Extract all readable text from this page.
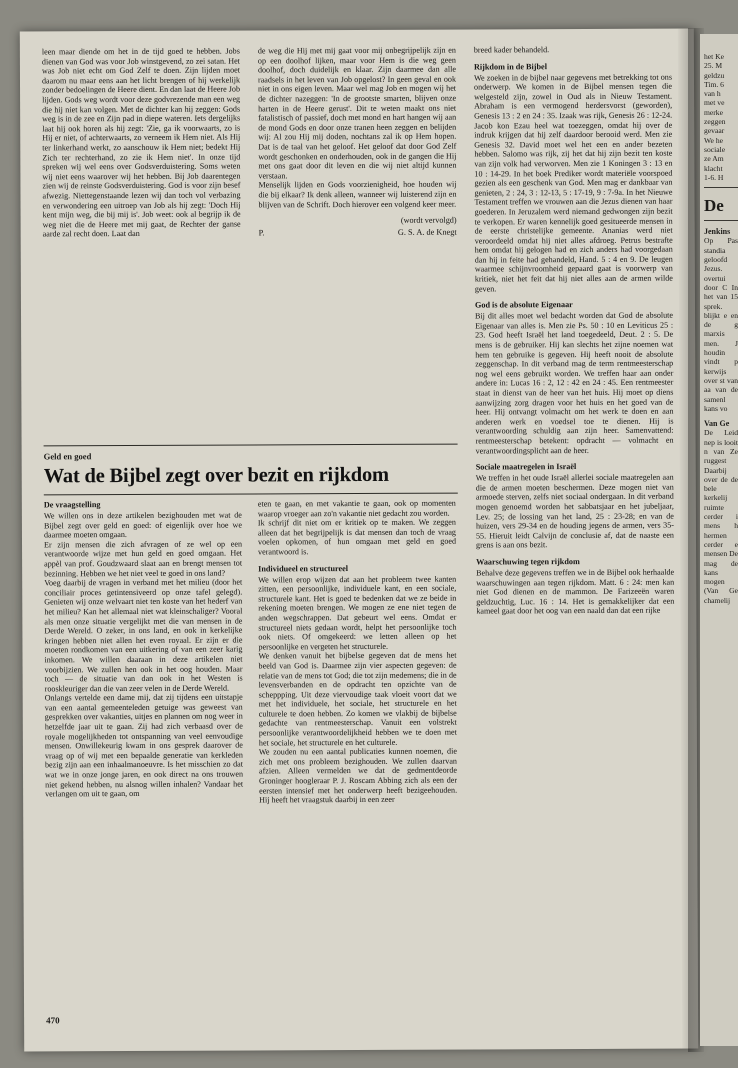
leen maar diende om het in de tijd goed te hebben. Jobs dienen van God was voor Job winstgevend, zo zei satan. Het was Job niet echt om God Zelf te doen. Zijn lijden moet daarom nu maar eens aan het licht brengen of hij werkelijk zonder bedoelingen de Heere dient. En dan laat de Heere Job lijden. Gods weg wordt voor deze godvrezende man een weg die hij niet kan volgen. Met de dichter kan hij zeggen: Gods weg is in de zee en Zijn pad in diepe wateren. Iets dergelijks laat hij ook horen als hij zegt: 'Zie, ga ik voorwaarts, zo is Hij er niet, of achterwaarts, zo verneem ik Hem niet. Als Hij ter linkerhand werkt, zo aanschouw ik Hem niet; bedekt Hij Zich ter rechterhand, zo zie ik Hem niet'. In onze tijd spreken wij wel eens over Godsverduistering. Soms weten wij niet eens waarover wij het hebben. Bij Job daarentegen zien wij de reinste Godsverduistering. God is voor zijn besef afwezig. Niettegenstaande lezen wij dan toch vol verbazing en verwondering een uitroep van Job als hij zegt: 'Doch Hij kent mijn weg, die bij mij is'. Job weet: ook al begrijp ik de weg niet die de Heere met mij gaat, de Rechter der ganse aarde zal recht doen. Laat dan

de weg die Hij met mij gaat voor mij onbegrijpelijk zijn en op een doolhof lijken, maar voor Hem is die weg geen doolhof, doch duidelijk en klaar. Zijn daarmee dan alle raadsels in het leven van Job opgelost? In geen geval en ook niet in ons eigen leven. Maar wel mag Job en mogen wij het de dichter nazeggen: 'In de grootste smarten, blijven onze harten in de Heere gerust'. Dit te weten maakt ons niet fatalistisch of passief, doch met mond en hart hangen wij aan de mond Gods en door onze tranen heen zeggen en belijden wij: Al zou Hij mij doden, nochtans zal ik op Hem hopen. Dat is de taal van het geloof. Het geloof dat door God Zelf wordt geschonken en onderhouden, ook in de gangen die Hij met ons gaat door dit leven en die wij niet altijd kunnen verstaan.

Menselijk lijden en Gods voorzienigheid, hoe houden wij die bij elkaar? Ik denk alleen, wanneer wij luisterend zijn en blijven van de Schrift. Doch hierover een volgend keer meer.

(wordt vervolgd)
P.	G. S. A. de Knegt

breed kader behandeld.

Rijkdom in de Bijbel

We zoeken in de bijbel naar gegevens met betrekking tot ons onderwerp. We komen in de Bijbel mensen tegen die welgesteld zijn, zowel in Oud als in Nieuw Testament. Abraham is een vermogend herdersvorst (geworden), Genesis 13 : 2 en 24 : 35. Izaak was rijk, Genesis 26 : 12-24. Jacob kon Ezau heel wat toezeggen, omdat hij over de indruk krijgen dat hij zelf daardoor berooid werd. Men zie Genesis 32. David moet wel het een en ander bezeten hebben. Salomo was rijk, zij het dat hij zijn bezit ten koste van zijn volk had verworven. Men zie 1 Koningen 3 : 13 en 10 : 14-29. In het boek Prediker wordt materiële voorspoed gezien als een geschenk van God. Men mag er dankbaar van genieten, 2 : 24, 3 : 12-13, 5 : 17-19, 9 : 7-9a. In het Nieuwe Testament treffen we vrouwen aan die Jezus dienen van haar goederen. In Jeruzalem werd niemand gedwongen zijn bezit te verkopen. Er waren kennelijk goed gesitueerde mensen in de eerste christelijke gemeente. Ananias werd niet veroordeeld omdat hij niet alles afdroeg. Petrus bestrafte hem omdat hij gelogen had en zich anders had voorgedaan dan hij in feite had gehandeld, Hand. 5 : 4 en 9. De leugen waarmee schijnvroomheid gepaard gaat is voorwerp van kritiek, niet het feit dat hij niet alles aan de armen wilde geven.

God is de absolute Eigenaar

Bij dit alles moet wel bedacht worden dat God de absolute Eigenaar van alles is. Men zie Ps. 50 : 10 en Leviticus 25 : 23. God heeft Israël het land toegedeeld, Deut. 2 : 5. De mens is de gebruiker. Hij kan slechts het zijne noemen wat hem ten gebruike is gegeven. Hij heeft nooit de absolute zeggenschap. In dit verband mag de term rentmeesterschap nog wel eens gebruikt worden. We treffen haar aan onder andere in: Lucas 16 : 2, 12 : 42 en 24 : 45. Een rentmeester staat in dienst van de heer van het huis. Hij moet op diens aanwijzing zorg dragen voor het huis en het goed van de heer. Hij ontvangt volmacht om het werk te doen en aan anderen werk en voedsel toe te dienen. Hij is verantwoording schuldig aan zijn heer. Samenvattend: rentmeesterschap betekent: opdracht — volmacht en verantwoordingsplicht aan de heer.

Sociale maatregelen in Israël

We treffen in het oude Israël allerlei sociale maatregelen aan die de armen moeten beschermen. Deze mogen niet van armoede sterven, zelfs niet sociaal ondergaan. In dit verband mogen genoemd worden het sabbatsjaar en het jubeljaar, Lev. 25; de lossing van het land, 25 : 23-28; en van de huizen, vers 29-34 en de houding jegens de armen, vers 35-55. Hieruit leidt Calvijn de conclusie af, dat de naaste een grens is aan ons bezit.

Waarschuwing tegen rijkdom

Behalve deze gegevens treffen we in de Bijbel ook herhaalde waarschuwingen aan tegen rijkdom. Matt. 6 : 24: men kan niet God dienen en de mammon. De Farizeeën waren geldzuchtig, Luc. 16 : 14. Het is gemakkelijker dat een kameel gaat door het oog van een naald dan dat een rijke

Geld en goed
Wat de Bijbel zegt over bezit en rijkdom
De vraagstelling

We willen ons in deze artikelen bezighouden met wat de Bijbel zegt over geld en goed: of eigenlijk over hoe we daarmee moeten omgaan.

Er zijn mensen die zich afvragen of ze wel op een verantwoorde wijze met hun geld en goed omgaan. Het appèl van prof. Goudzwaard slaat aan en brengt mensen tot bezinning. Hebben we het niet veel te goed in ons land?

Voeg daarbij de vragen in verband met het milieu (door het conciliair proces getintensiveerd op onze tafel gelegd). Genieten wij onze welvaart niet ten koste van het hederf van het milieu? Kan het allemaal niet wat kleinschaliger? Vooral als men onze situatie vergelijkt met die van mensen in de Derde Wereld. O zeker, in ons land, en ook in kerkelijke kringen hebben niet allen het even royaal. Er zijn er die moeten rondkomen van een uitkering of van een zeer karig inkomen. We willen daaraan in deze artikelen niet voorbijzien. We zullen hen ook in het oog houden. Maar toch — de situatie van dan ook in het Westen is rooskleuriger dan die van zeer velen in de Derde Wereld.

Onlangs vertelde een dame mij, dat zij tijdens een uitstapje van een aantal gemeenteleden getuige was geweest van gesprekken over vakanties, uitjes en plannen om nog weer in hetzelfde jaar uit te gaan. Zij had zich verbaasd over de royale mogelijkheden tot ontspanning van veel eenvoudige mensen. Onwillekeurig kwam in ons gesprek daarover de vraag op of wij met een bepaalde generatie van kerkleden bezig zijn aan een inhaalmanoeuvre. Is het misschien zo dat wat we in onze jonge jaren, en ook direct na ons trouwen niet gekend hebben, nu alsnog willen inhalen? Vandaar het verlangen om uit te gaan, om

eten te gaan, en met vakantie te gaan, ook op momenten waarop vroeger aan zo'n vakantie niet gedacht zou worden.

Ik schrijf dit niet om er kritiek op te maken. We zeggen alleen dat het begrijpelijk is dat mensen dan toch de vraag voelen opkomen, of hun omgaan met geld en goed verantwoord is.

Individueel en structureel

We willen erop wijzen dat aan het probleem twee kanten zitten, een persoonlijke, individuele kant, en een sociale, structurele kant. Het is goed te bedenken dat we ze beide in rekening moeten brengen. We mogen ze ene niet tegen de anden wegschrappen. Dat gebeurt wel eens. Omdat er structureel niets gedaan wordt, helpt het persoonlijke toch ook niets. Of omgekeerd: we letten alleen op het persoonlijke en vergeten het structurele.

We denken vanuit het bijbelse gegeven dat de mens het beeld van God is. Daarmee zijn vier aspecten gegeven: de relatie van de mens tot God; die tot zijn medemens; die in de levensverbanden en de opdracht ten opzichte van de scheppping. Uit deze viervoudige taak vloeit voort dat we met het individuele, het sociale, het structurele en het culturele te doen hebben. Zo komen we vlakbij de bijbelse gedachte van rentmeesterschap. Vanuit een volstrekt persoonlijke verantwoordelijkheid hebben we te doen met het sociale, het structurele en het culturele.

We zouden nu een aantal publicaties kunnen noemen, die zich met ons probleem bezighouden. We zullen daarvan afzien. Alleen vermelden we dat de gedmentdeorde Groninger hoogleraar P. J. Roscam Abbing zich als een der eersten intensief met het onderwerp heeft bezigeehouden. Hij heeft het vraagstuk daarbij in een zeer

470
het Ke
25. M
geldzu
Tim. 6
van h
met ve
merke
zeggen
gevaar
We he
sociale
ze Am
klacht
1-6. H
De
Jenkins
Op Pas standia geloofd Jezus. overtui door C In het van 15 sprek. blijkt e en de g marxis men. J houdin vindt p kerwijs over st van aa van de samenl kans vo
Van Ge
De Leid nep is looit n van Ze ruggest Daarbij over de de bele kerkelij ruimte cerder i mens h hermen cerder e mensen De mag de kans mogen (Van Ge chamelij
